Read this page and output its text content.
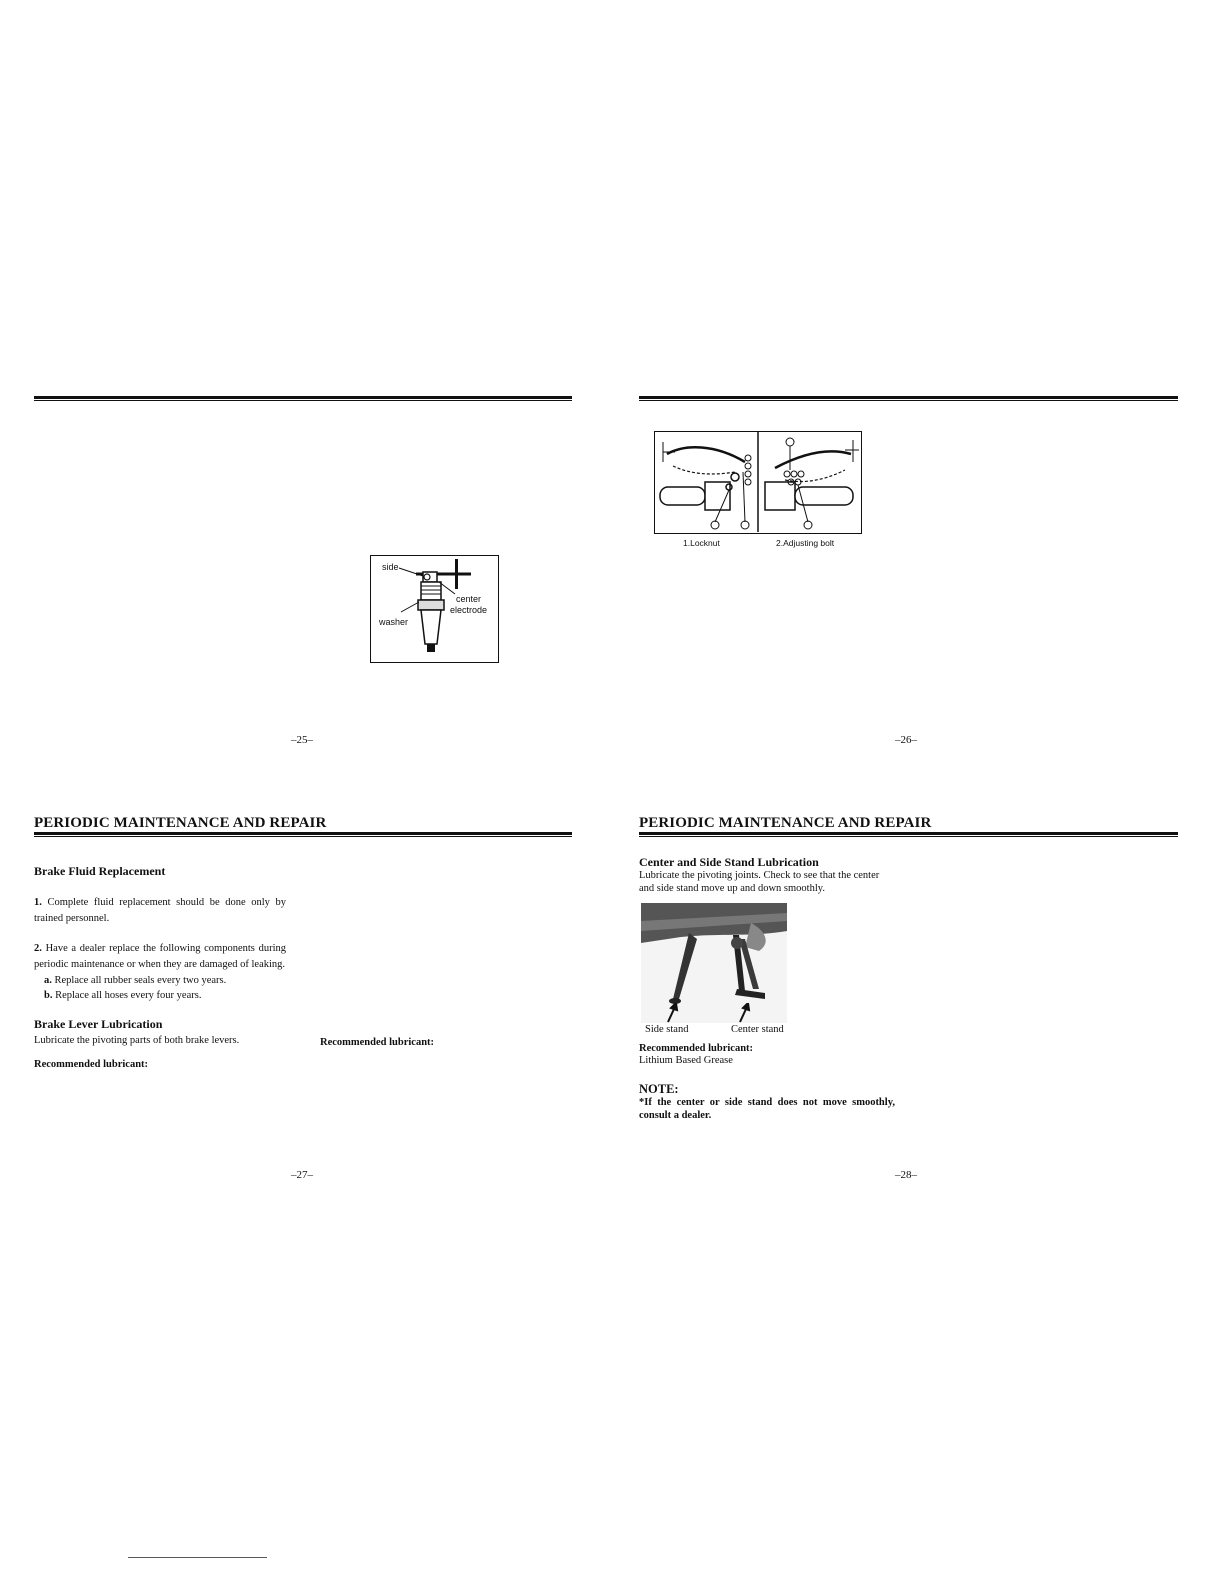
side
center
electrode
washer
–25–
1.Locknut	2.Adjusting bolt
–26–
PERIODIC MAINTENANCE AND REPAIR
Brake Fluid Replacement
1. Complete fluid replacement should be done only by
trained personnel.
2. Have a dealer replace the following components during
periodic maintenance or when they are damaged of leaking.
a. Replace all rubber seals every two years.
b. Replace all hoses every four years.
Brake Lever Lubrication
Lubricate the pivoting parts of both brake levers.
Recommended lubricant:
Recommended lubricant:
–27–
PERIODIC MAINTENANCE AND REPAIR
Center and Side Stand Lubrication
Lubricate the pivoting joints. Check to see that the center
and side stand move up and down smoothly.
Side stand	Center stand
Recommended lubricant:
Lithium Based Grease
NOTE:
*If the center or side stand does not move smoothly,
consult a dealer.
–28–
